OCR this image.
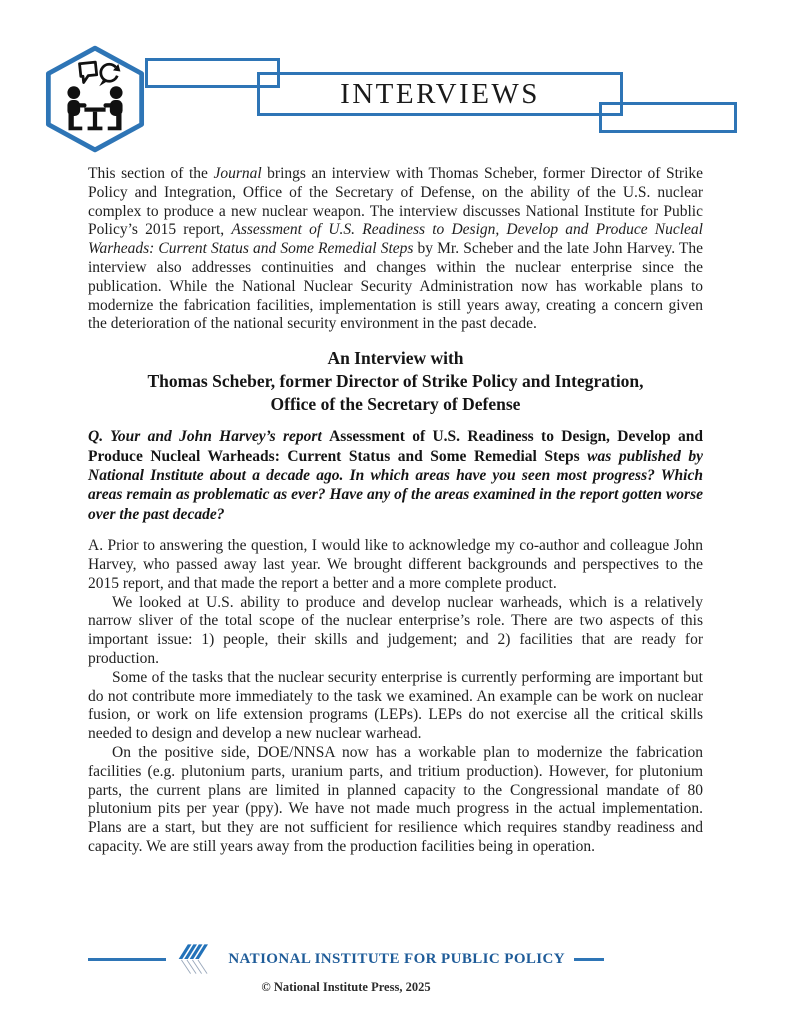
INTERVIEWS

This section of the Journal brings an interview with Thomas Scheber, former Director of Strike Policy and Integration, Office of the Secretary of Defense, on the ability of the U.S. nuclear complex to produce a new nuclear weapon. The interview discusses National Institute for Public Policy’s 2015 report, Assessment of U.S. Readiness to Design, Develop and Produce Nucleal Warheads: Current Status and Some Remedial Steps by Mr. Scheber and the late John Harvey. The interview also addresses continuities and changes within the nuclear enterprise since the publication. While the National Nuclear Security Administration now has workable plans to modernize the fabrication facilities, implementation is still years away, creating a concern given the deterioration of the national security environment in the past decade.

An Interview with
Thomas Scheber, former Director of Strike Policy and Integration,
Office of the Secretary of Defense

Q. Your and John Harvey’s report Assessment of U.S. Readiness to Design, Develop and Produce Nucleal Warheads: Current Status and Some Remedial Steps was published by National Institute about a decade ago. In which areas have you seen most progress? Which areas remain as problematic as ever? Have any of the areas examined in the report gotten worse over the past decade?

A. Prior to answering the question, I would like to acknowledge my co-author and colleague John Harvey, who passed away last year. We brought different backgrounds and perspectives to the 2015 report, and that made the report a better and a more complete product.

We looked at U.S. ability to produce and develop nuclear warheads, which is a relatively narrow sliver of the total scope of the nuclear enterprise’s role. There are two aspects of this important issue: 1) people, their skills and judgement; and 2) facilities that are ready for production.

Some of the tasks that the nuclear security enterprise is currently performing are important but do not contribute more immediately to the task we examined. An example can be work on nuclear fusion, or work on life extension programs (LEPs). LEPs do not exercise all the critical skills needed to design and develop a new nuclear warhead.

On the positive side, DOE/NNSA now has a workable plan to modernize the fabrication facilities (e.g. plutonium parts, uranium parts, and tritium production). However, for plutonium parts, the current plans are limited in planned capacity to the Congressional mandate of 80 plutonium pits per year (ppy). We have not made much progress in the actual implementation. Plans are a start, but they are not sufficient for resilience which requires standby readiness and capacity. We are still years away from the production facilities being in operation.

NATIONAL INSTITUTE FOR PUBLIC POLICY
© National Institute Press, 2025
